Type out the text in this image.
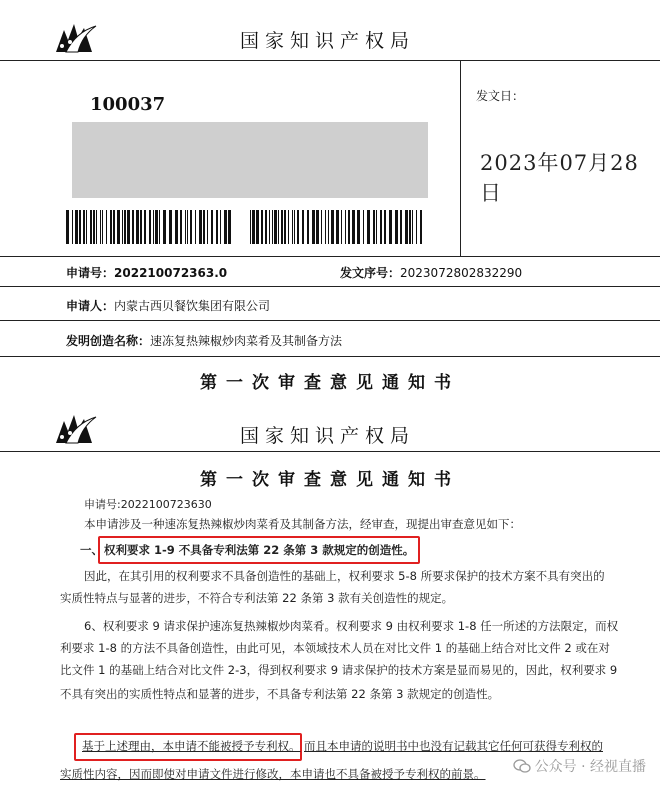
国家知识产权局
100037	发文日：
2023年07月28日
申请号：202210072363.0	发文序号：2023072802832290
申请人：内蒙古西贝餐饮集团有限公司
发明创造名称：速冻复热辣椒炒肉菜肴及其制备方法
第一次审查意见通知书
国家知识产权局
第一次审查意见通知书
申请号:2022100723630
本申请涉及一种速冻复热辣椒炒肉菜肴及其制备方法，经审查，现提出审查意见如下：
一、 权利要求 1-9 不具备专利法第 22 条第 3 款规定的创造性。
因此，在其引用的权利要求不具备创造性的基础上，权利要求 5-8 所要求保护的技术方案不具有突出的
实质性特点与显著的进步，不符合专利法第 22 条第 3 款有关创造性的规定。
6、权利要求 9 请求保护速冻复热辣椒炒肉菜肴。权利要求 9 由权利要求 1-8 任一所述的方法限定，而权
利要求 1-8 的方法不具备创造性，由此可见，本领域技术人员在对比文件 1 的基础上结合对比文件 2 或在对
比文件 1 的基础上结合对比文件 2-3，得到权利要求 9 请求保护的技术方案是显而易见的，因此，权利要求 9
不具有突出的实质性特点和显著的进步，不具备专利法第 22 条第 3 款规定的创造性。
基于上述理由，本申请不能被授予专利权。 而且本申请的说明书中也没有记载其它任何可获得专利权的
实质性内容，因而即使对申请文件进行修改，本申请也不具备被授予专利权的前景。	公众号 · 经视直播
